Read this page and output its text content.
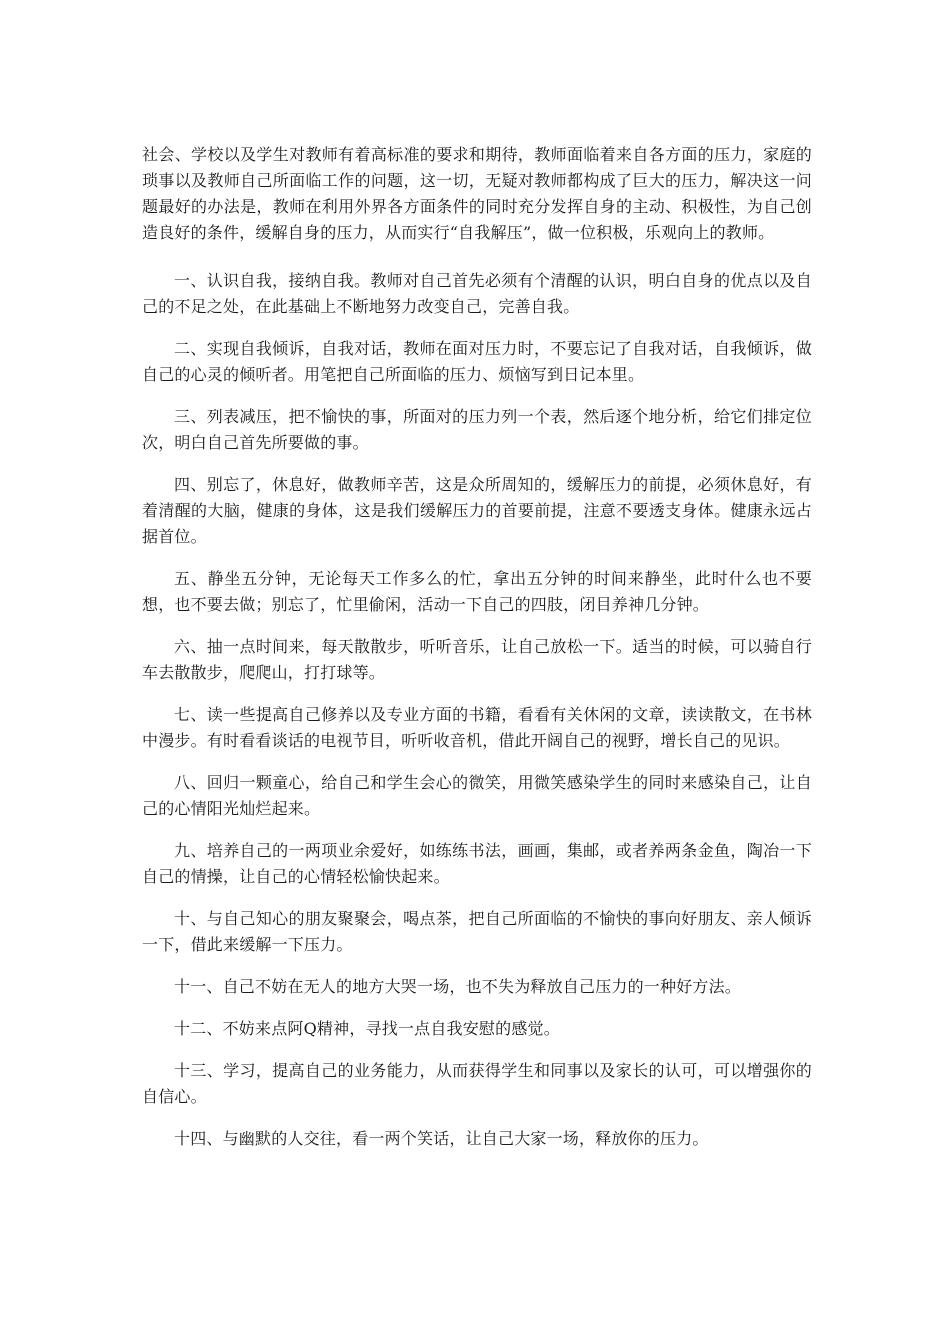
社会、学校以及学生对教师有着高标准的要求和期待，教师面临着来自各方面的压力，家庭的琐事以及教师自己所面临工作的问题，这一切，无疑对教师都构成了巨大的压力，解决这一问题最好的办法是，教师在利用外界各方面条件的同时充分发挥自身的主动、积极性，为自己创造良好的条件，缓解自身的压力，从而实行“自我解压”，做一位积极，乐观向上的教师。

一、认识自我，接纳自我。教师对自己首先必须有个清醒的认识，明白自身的优点以及自己的不足之处，在此基础上不断地努力改变自己，完善自我。

二、实现自我倾诉，自我对话，教师在面对压力时，不要忘记了自我对话，自我倾诉，做自己的心灵的倾听者。用笔把自己所面临的压力、烦恼写到日记本里。

三、列表减压，把不愉快的事，所面对的压力列一个表，然后逐个地分析，给它们排定位次，明白自己首先所要做的事。

四、别忘了，休息好，做教师辛苦，这是众所周知的，缓解压力的前提，必须休息好，有着清醒的大脑，健康的身体，这是我们缓解压力的首要前提，注意不要透支身体。健康永远占据首位。

五、静坐五分钟，无论每天工作多么的忙，拿出五分钟的时间来静坐，此时什么也不要想，也不要去做；别忘了，忙里偷闲，活动一下自己的四肢，闭目养神几分钟。

六、抽一点时间来，每天散散步，听听音乐，让自己放松一下。适当的时候，可以骑自行车去散散步，爬爬山，打打球等。

七、读一些提高自己修养以及专业方面的书籍，看看有关休闲的文章，读读散文，在书林中漫步。有时看看谈话的电视节目，听听收音机，借此开阔自己的视野，增长自己的见识。

八、回归一颗童心，给自己和学生会心的微笑，用微笑感染学生的同时来感染自己，让自己的心情阳光灿烂起来。

九、培养自己的一两项业余爱好，如练练书法，画画，集邮，或者养两条金鱼，陶冶一下自己的情操，让自己的心情轻松愉快起来。

十、与自己知心的朋友聚聚会，喝点茶，把自己所面临的不愉快的事向好朋友、亲人倾诉一下，借此来缓解一下压力。

十一、自己不妨在无人的地方大哭一场，也不失为释放自己压力的一种好方法。

十二、不妨来点阿Q精神，寻找一点自我安慰的感觉。

十三、学习，提高自己的业务能力，从而获得学生和同事以及家长的认可，可以增强你的自信心。

十四、与幽默的人交往，看一两个笑话，让自己大家一场，释放你的压力。
